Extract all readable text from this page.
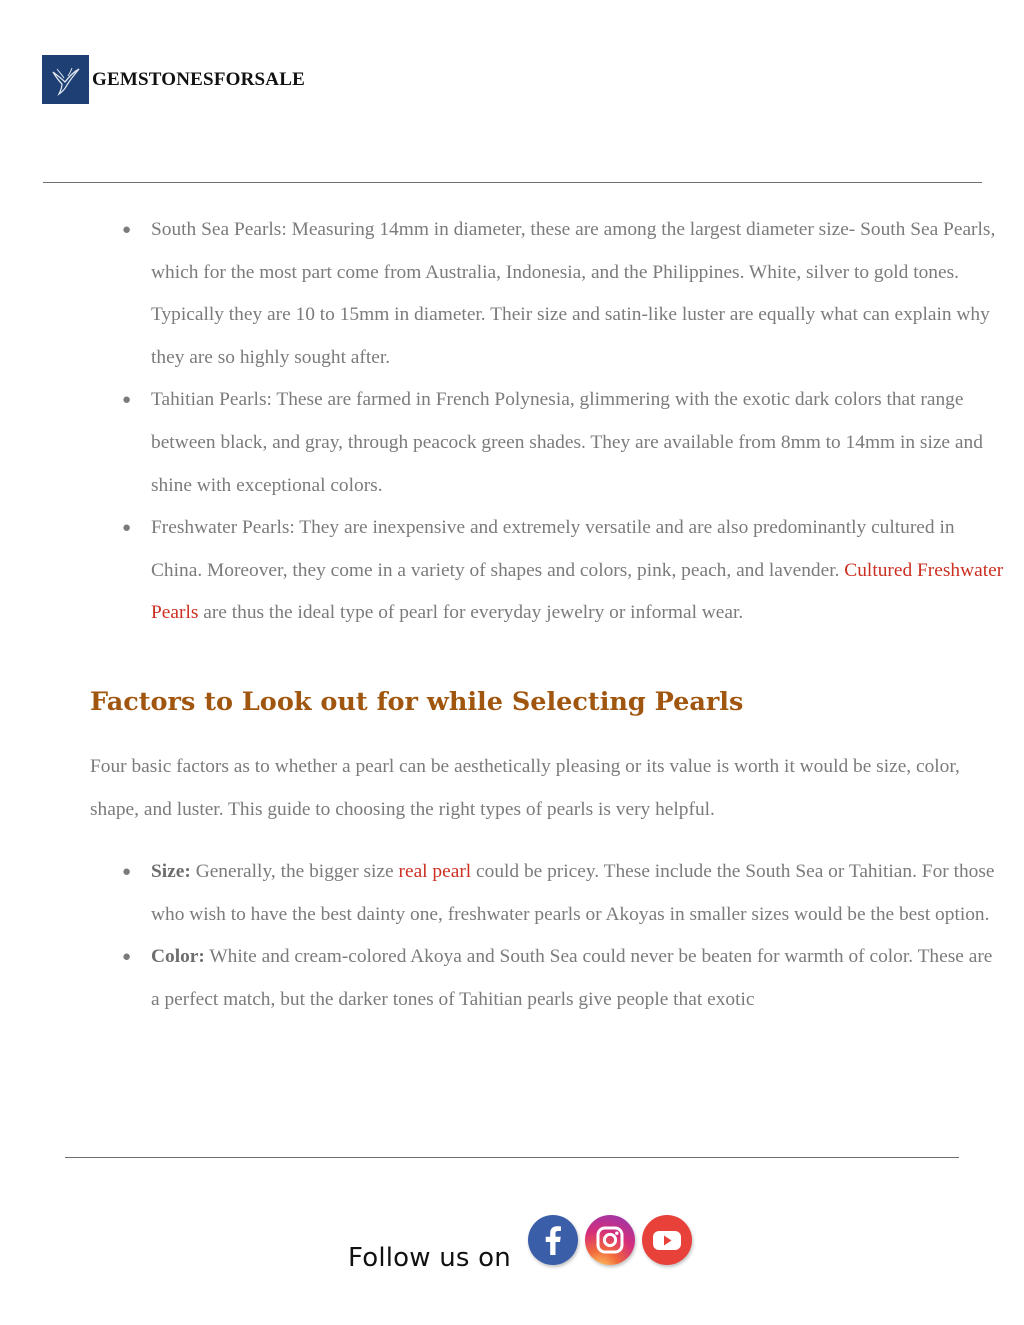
GEMSTONESFORSALE
● South Sea Pearls: Measuring 14mm in diameter, these are among the largest diameter size- South Sea Pearls, which for the most part come from Australia, Indonesia, and the Philippines. White, silver to gold tones. Typically they are 10 to 15mm in diameter. Their size and satin-like luster are equally what can explain why they are so highly sought after.
● Tahitian Pearls: These are farmed in French Polynesia, glimmering with the exotic dark colors that range between black, and gray, through peacock green shades. They are available from 8mm to 14mm in size and shine with exceptional colors.
● Freshwater Pearls: They are inexpensive and extremely versatile and are also predominantly cultured in China. Moreover, they come in a variety of shapes and colors, pink, peach, and lavender. Cultured Freshwater Pearls are thus the ideal type of pearl for everyday jewelry or informal wear.
Factors to Look out for while Selecting Pearls

Four basic factors as to whether a pearl can be aesthetically pleasing or its value is worth it would be size, color, shape, and luster. This guide to choosing the right types of pearls is very helpful.

● Size: Generally, the bigger size real pearl could be pricey. These include the South Sea or Tahitian. For those who wish to have the best dainty one, freshwater pearls or Akoyas in smaller sizes would be the best option.
● Color: White and cream-colored Akoya and South Sea could never be beaten for warmth of color. These are a perfect match, but the darker tones of Tahitian pearls give people that exotic
Follow us on
